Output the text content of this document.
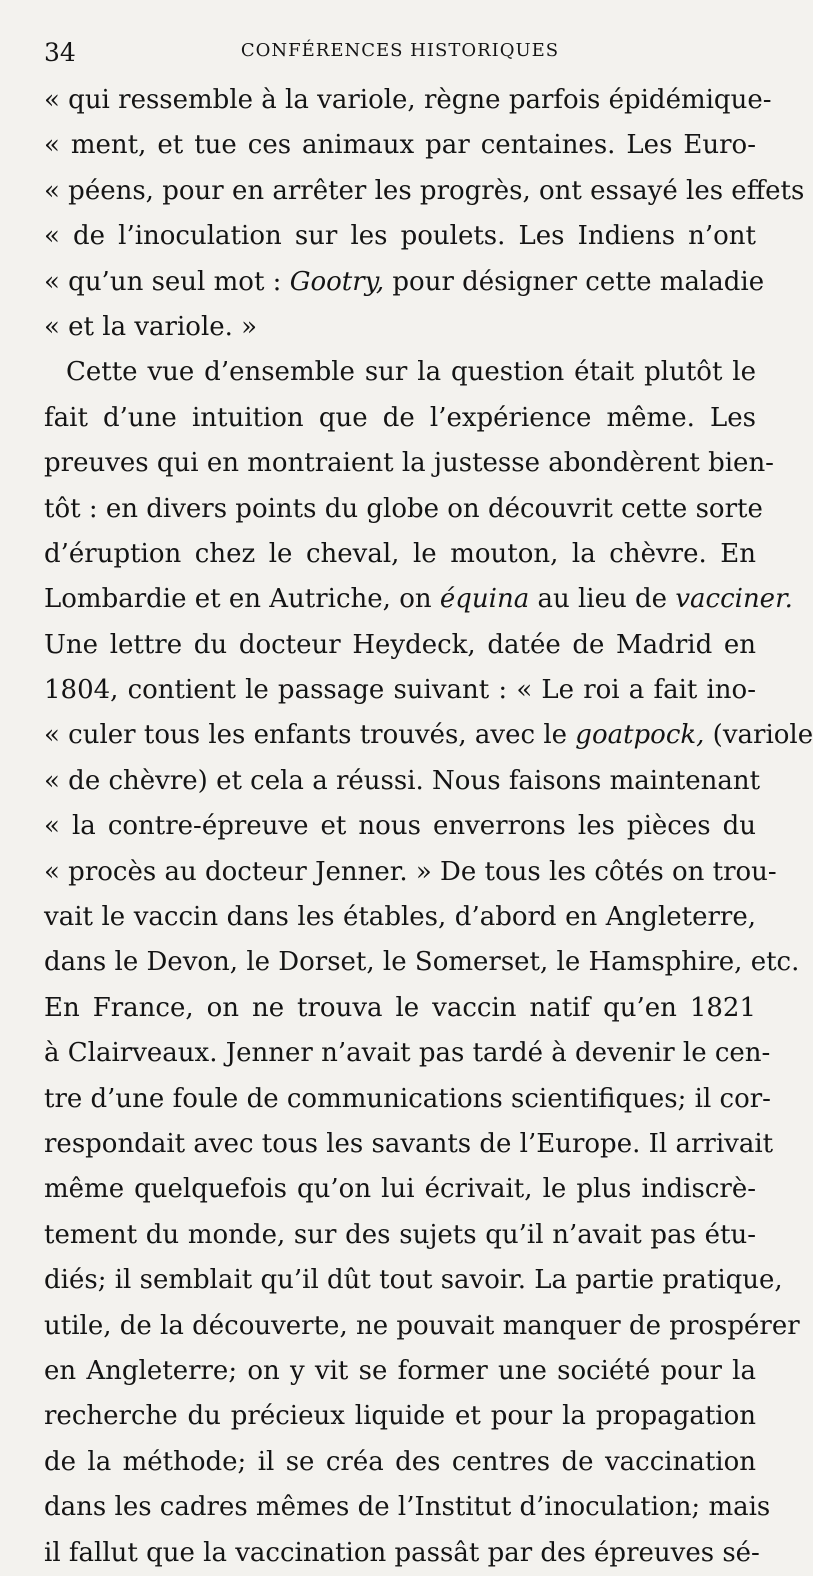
34	CONFÉRENCES HISTORIQUES
« qui ressemble à la variole, règne parfois épidémique-
« ment, et tue ces animaux par centaines. Les Euro-
« péens, pour en arrêter les progrès, ont essayé les effets
« de l’inoculation sur les poulets. Les Indiens n’ont
« qu’un seul mot : Gootry, pour désigner cette maladie
« et la variole. »
Cette vue d’ensemble sur la question était plutôt le
fait d’une intuition que de l’expérience même. Les
preuves qui en montraient la justesse abondèrent bien-
tôt : en divers points du globe on découvrit cette sorte
d’éruption chez le cheval, le mouton, la chèvre. En
Lombardie et en Autriche, on équina au lieu de vacciner.
Une lettre du docteur Heydeck, datée de Madrid en
1804, contient le passage suivant : « Le roi a fait ino-
« culer tous les enfants trouvés, avec le goatpock, (variole
« de chèvre) et cela a réussi. Nous faisons maintenant
« la contre-épreuve et nous enverrons les pièces du
« procès au docteur Jenner. » De tous les côtés on trou-
vait le vaccin dans les étables, d’abord en Angleterre,
dans le Devon, le Dorset, le Somerset, le Hamsphire, etc.
En France, on ne trouva le vaccin natif qu’en 1821
à Clairveaux. Jenner n’avait pas tardé à devenir le cen-
tre d’une foule de communications scientifiques; il cor-
respondait avec tous les savants de l’Europe. Il arrivait
même quelquefois qu’on lui écrivait, le plus indiscrè-
tement du monde, sur des sujets qu’il n’avait pas étu-
diés; il semblait qu’il dût tout savoir. La partie pratique,
utile, de la découverte, ne pouvait manquer de prospérer
en Angleterre; on y vit se former une société pour la
recherche du précieux liquide et pour la propagation
de la méthode; il se créa des centres de vaccination
dans les cadres mêmes de l’Institut d’inoculation; mais
il fallut que la vaccination passât par des épreuves sé-
